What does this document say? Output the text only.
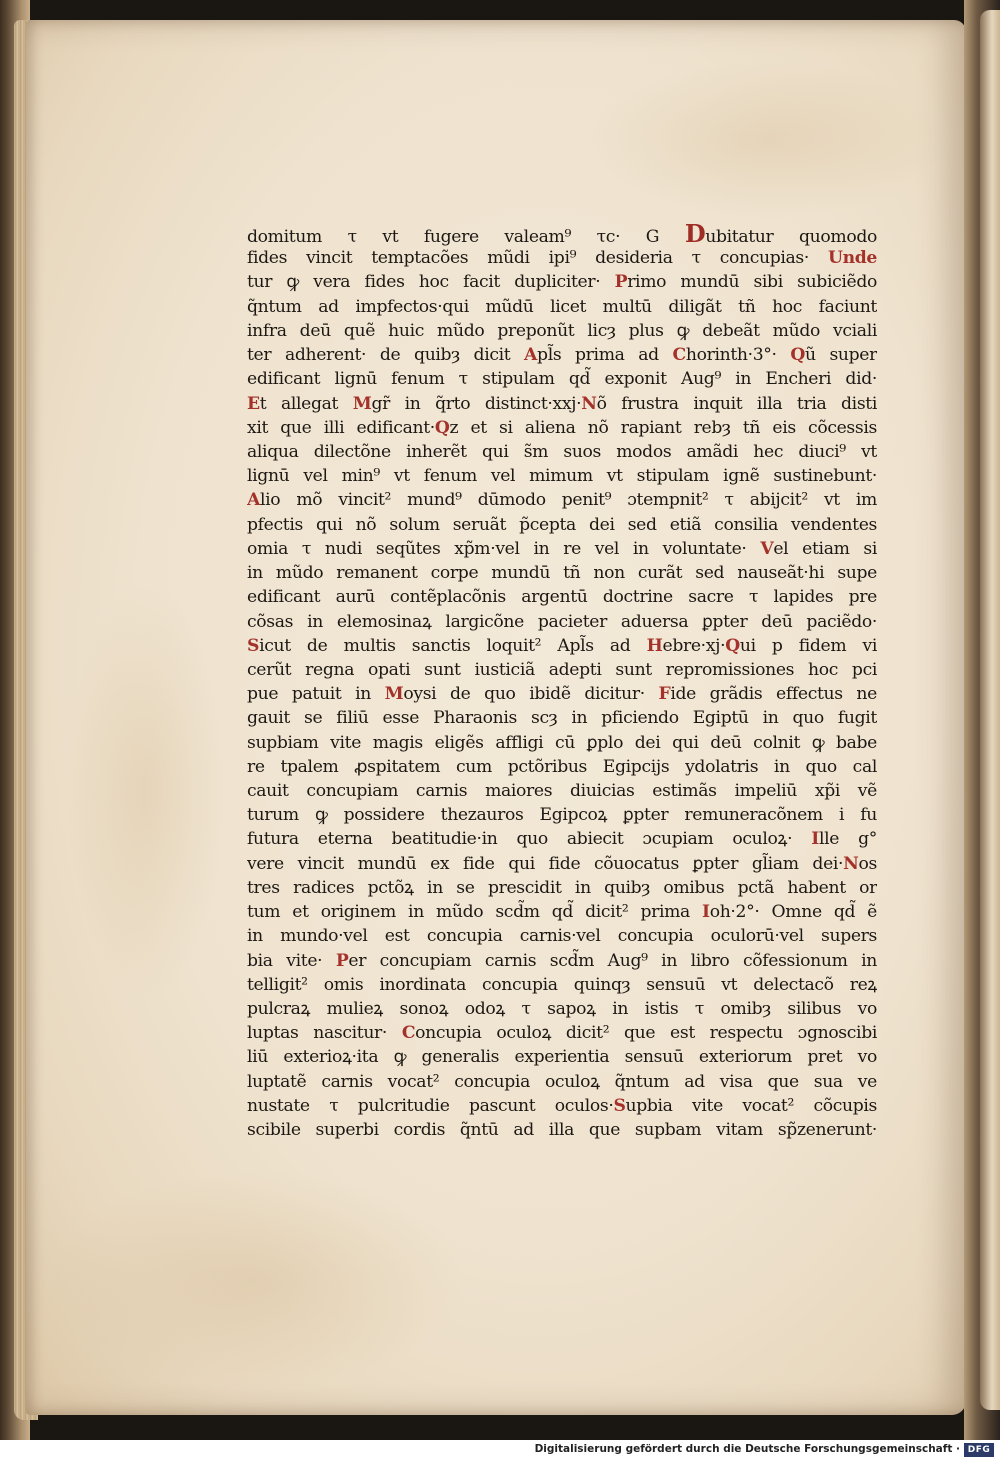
domitum τ vt fugere valeam⁹ τc· G Dubitatur quomodo
fides vincit temptacões mũdi ipi⁹ desideria τ concupias· Unde
tur ꝙ vera fides hoc facit dupliciter· Primo mundū sibi subiciẽdo
q̃ntum ad impfectos·qui mũdū licet multū diligãt tñ hoc faciunt
infra deū quẽ huic mũdo preponũt licȝ plus ꝙ debeãt mũdo vciali
ter adherent· de quibȝ dicit Apl̃s prima ad Chorinth·3°· Qũ super
edificant lignū fenum τ stipulam qd̃ exponit Aug⁹ in Encheri did·
Et allegat Mgr̃ in q̃rto distinct·xxj·Nõ frustra inquit illa tria disti
xit que illi edificant·Qz et si aliena nõ rapiant rebȝ tñ eis cõcessis
aliqua dilectõne inherẽt qui s̃m suos modos amãdi hec diuci⁹ vt
lignū vel min⁹ vt fenum vel mimum vt stipulam ignẽ sustinebunt·
Alio mõ vincit² mund⁹ dūmodo penit⁹ ɔtempnit² τ abijcit² vt im
pfectis qui nõ solum seruãt p̃cepta dei sed etiã consilia vendentes
omia τ nudi seqũtes xp̃m·vel in re vel in voluntate· Vel etiam si
in mũdo remanent corpe mundū tñ non curãt sed nauseãt·hi supe
edificant aurū contẽplacõnis argentū doctrine sacre τ lapides pre
cõsas in elemosinaꝝ largicõne pacieter aduersa ꝑpter deū paciẽdo·
Sicut de multis sanctis loquit² Apl̃s ad Hebre·xj·Qui p fidem vi
cerũt regna opati sunt iusticiã adepti sunt repromissiones hoc pci
pue patuit in Moysi de quo ibidẽ dicitur· Fide grãdis effectus ne
gauit se filiū esse Pharaonis scȝ in pficiendo Egiptū in quo fugit
supbiam vite magis eligẽs affligi cū ꝑplo dei qui deū colnit ꝙ babe
re tpalem ꝓspitatem cum pctõribus Egipcijs ydolatris in quo cal
cauit concupiam carnis maiores diuicias estimãs impeliū xp̃i vẽ
turum ꝙ possidere thezauros Egipcoꝝ ꝑpter remuneracõnem i fu
futura eterna beatitudie·in quo abiecit ɔcupiam oculoꝝ· Ille g°
vere vincit mundū ex fide qui fide cõuocatus ꝑpter gl̃iam dei·Nos
tres radices pctõꝝ in se prescidit in quibȝ omibus pctã habent or
tum et originem in mũdo scd̃m qd̃ dicit² prima Ioh·2°· Omne qd̃ ẽ
in mundo·vel est concupia carnis·vel concupia oculorū·vel supers
bia vite· Per concupiam carnis scd̃m Aug⁹ in libro cõfessionum in
telligit² omis inordinata concupia quinqȝ sensuū vt delectacõ reꝝ
pulcraꝝ mulieꝝ sonoꝝ odoꝝ τ sapoꝝ in istis τ omibȝ silibus vo
luptas nascitur· Concupia oculoꝝ dicit² que est respectu ɔgnoscibi
liū exterioꝝ·ita ꝙ generalis experientia sensuū exteriorum pret vo
luptatẽ carnis vocat² concupia oculoꝝ q̃ntum ad visa que sua ve
nustate τ pulcritudie pascunt oculos·Supbia vite vocat² cõcupis
scibile superbi cordis q̃ntū ad illa que supbam vitam sp̃zenerunt·
Digitalisierung gefördert durch die Deutsche Forschungsgemeinschaft · DFG
